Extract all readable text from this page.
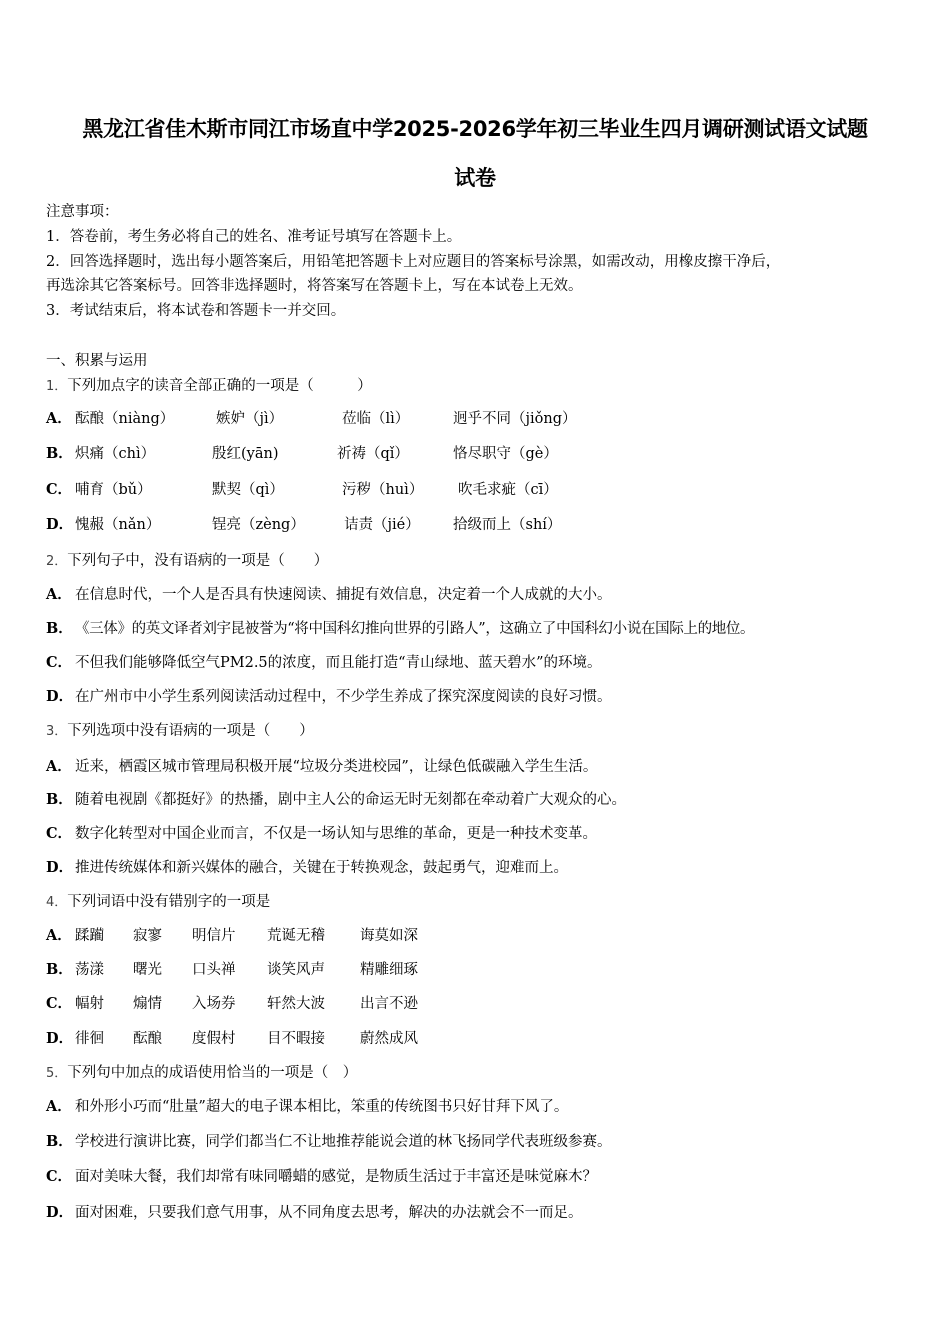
黑龙江省佳木斯市同江市场直中学2025-2026学年初三毕业生四月调研测试语文试题
试卷
注意事项：
1．答卷前，考生务必将自己的姓名、准考证号填写在答题卡上。
2．回答选择题时，选出每小题答案后，用铅笔把答题卡上对应题目的答案标号涂黑，如需改动，用橡皮擦干净后，
再选涂其它答案标号。回答非选择题时，将答案写在答题卡上，写在本试卷上无效。
3．考试结束后，将本试卷和答题卡一并交回。
一、积累与运用
1．下列加点字的读音全部正确的一项是（　　　）
A． 酝酿（niàng）	嫉妒（jì）	莅临（lì）	迥乎不同（jiǒng）
B． 炽痛（chì）	殷红(yān)	祈祷（qǐ）	恪尽职守（gè）
C． 哺育（bǔ）	默契（qì）	污秽（huì） 吹毛求疵（cī）
D． 愧赧（nǎn）	锃亮（zèng）	诘责（jié） 拾级而上（shí）
2．下列句子中，没有语病的一项是（　　）
A． 在信息时代，一个人是否具有快速阅读、捕捉有效信息，决定着一个人成就的大小。
B． 《三体》的英文译者刘宇昆被誉为“将中国科幻推向世界的引路人”，这确立了中国科幻小说在国际上的地位。
C． 不但我们能够降低空气PM2.5的浓度，而且能打造“青山绿地、蓝天碧水”的环境。
D． 在广州市中小学生系列阅读活动过程中，不少学生养成了探究深度阅读的良好习惯。
3．下列选项中没有语病的一项是（　　）
A． 近来，栖霞区城市管理局积极开展“垃圾分类进校园”，让绿色低碳融入学生生活。
B． 随着电视剧《都挺好》的热播，剧中主人公的命运无时无刻都在牵动着广大观众的心。
C． 数字化转型对中国企业而言，不仅是一场认知与思维的革命，更是一种技术变革。
D． 推进传统媒体和新兴媒体的融合，关键在于转换观念，鼓起勇气，迎难而上。
4．下列词语中没有错别字的一项是
A． 蹂躏 寂寥 明信片 荒诞无稽 诲莫如深
B． 荡漾 曙光 口头禅 谈笑风声 精雕细琢
C． 幅射 煽情 入场券 轩然大波 出言不逊
D． 徘徊 酝酿 度假村 目不暇接 蔚然成风
5．下列句中加点的成语使用恰当的一项是（　）
A． 和外形小巧而“肚量”超大的电子课本相比，笨重的传统图书只好甘拜下风了。
B． 学校进行演讲比赛，同学们都当仁不让地推荐能说会道的林飞扬同学代表班级参赛。
C． 面对美味大餐，我们却常有味同嚼蜡的感觉，是物质生活过于丰富还是味觉麻木？
D． 面对困难，只要我们意气用事，从不同角度去思考，解决的办法就会不一而足。
